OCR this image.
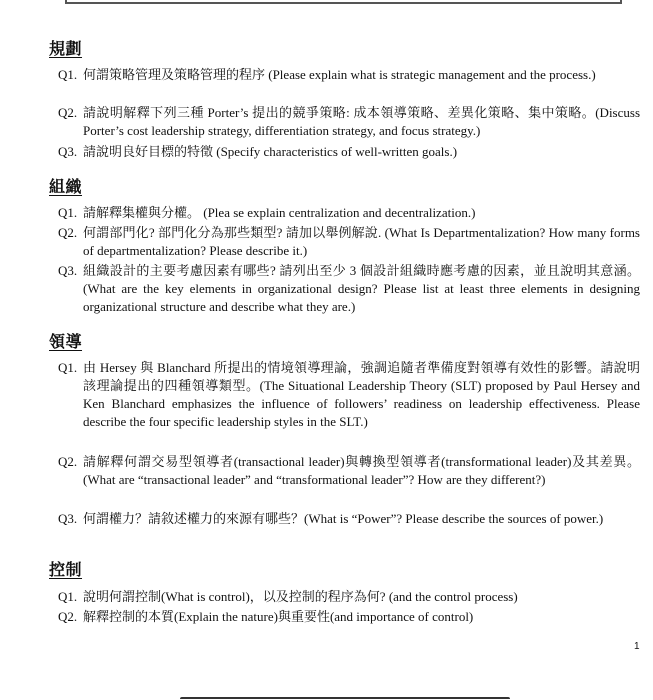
規劃
Q1. 何謂策略管理及策略管理的程序 (Please explain what is strategic management and the process.)
Q2. 請說明解釋下列三種 Porter’s 提出的競爭策略: 成本領導策略、差異化策略、集中策略。(Discuss Porter’s cost leadership strategy, differentiation strategy, and focus strategy.)
Q3. 請說明良好目標的特徵 (Specify characteristics of well-written goals.)
組織
Q1. 請解釋集權與分權。 (Plea se explain centralization and decentralization.)
Q2. 何謂部門化? 部門化分為那些類型? 請加以舉例解說. (What Is Departmentalization? How many forms of departmentalization? Please describe it.)
Q3. 組織設計的主要考慮因素有哪些? 請列出至少 3 個設計組織時應考慮的因素，並且說明其意涵。(What are the key elements in organizational design? Please list at least three elements in designing organizational structure and describe what they are.)
領導
Q1. 由 Hersey 與 Blanchard 所提出的情境領導理論，強調追隨者準備度對領導有效性的影響。請說明該理論提出的四種領導類型。(The Situational Leadership Theory (SLT) proposed by Paul Hersey and Ken Blanchard emphasizes the influence of followers’ readiness on leadership effectiveness. Please describe the four specific leadership styles in the SLT.)
Q2. 請解釋何謂交易型領導者(transactional leader)與轉換型領導者(transformational leader)及其差異。(What are “transactional leader” and “transformational leader”? How are they different?)
Q3. 何謂權力？請敘述權力的來源有哪些？(What is “Power”? Please describe the sources of power.)
控制
Q1. 說明何謂控制(What is control)，以及控制的程序為何? (and the control process)
Q2. 解釋控制的本質(Explain the nature)與重要性(and importance of control)
1
